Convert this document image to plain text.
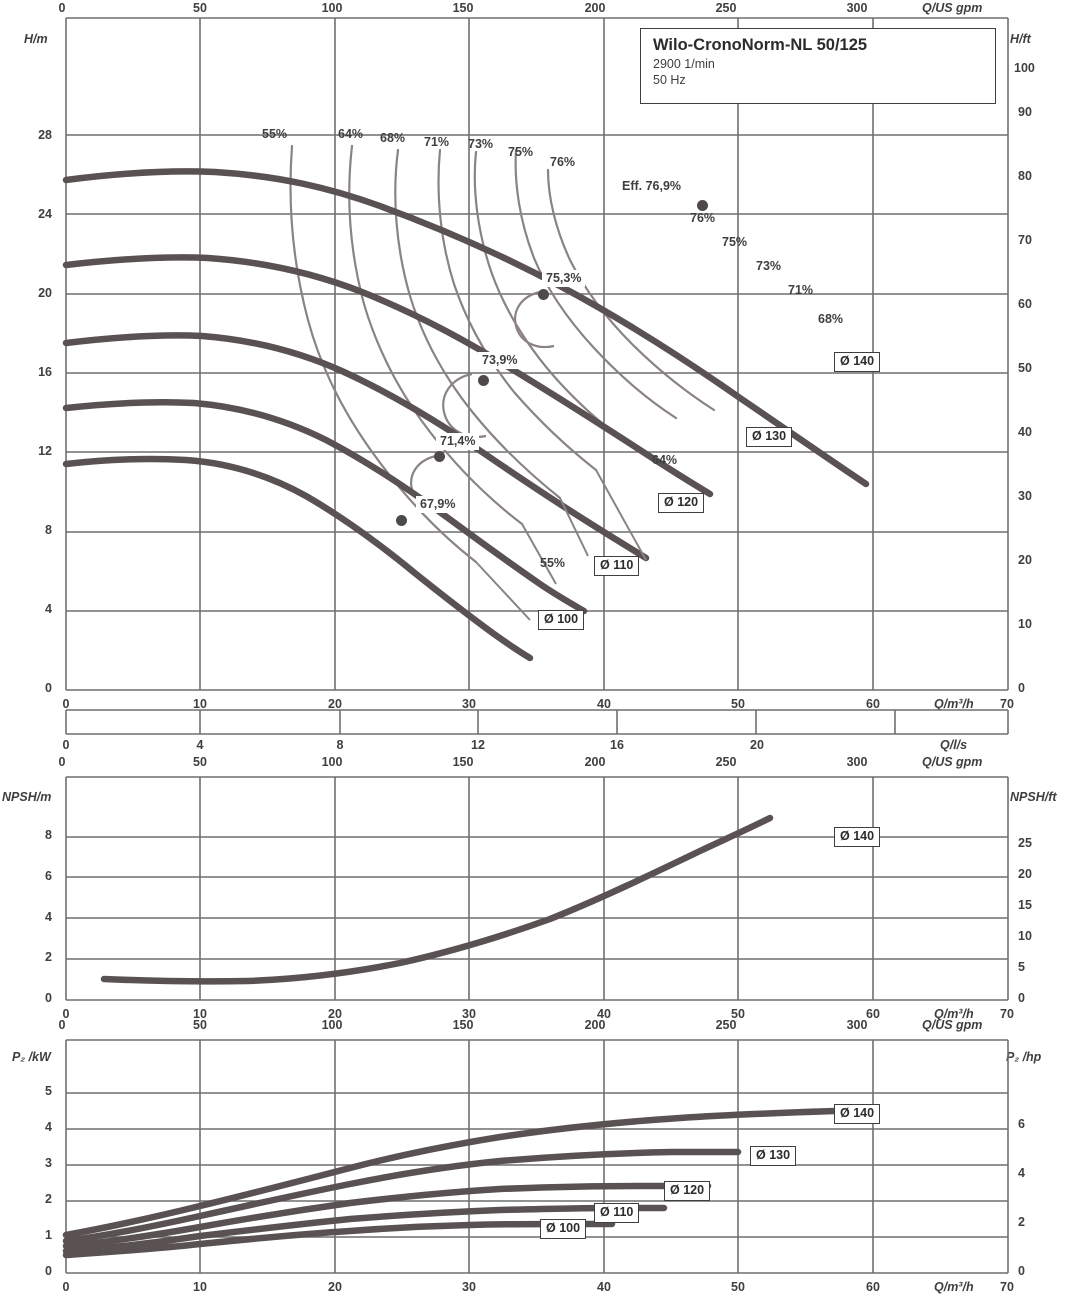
0	50	100	150	200	250	300	Q/US gpm
H/m	H/ft
0
4
8
12
16
20
24
28
0
10
20
30
40
50
60
70
80
90
100
Wilo-CronoNorm-NL 50/125
2900 1/min
50 Hz
55%	64% 68% 71% 73%
75%
76%
76%
75%
73%
71%
68%
64%
55%
Eff. 76,9%
75,3%
73,9%
71,4%
67,9%
Ø 140
Ø 130
Ø 120
Ø 110
Ø 100
0	10	20	30	40	50	60	70
Q/m³/h
0	4	8	12	16	20	Q/l/s
0	50	100	150	200	250	300	Q/US gpm
NPSH/m	NPSH/ft
0
2
4
6
8
0
5
10
15
20
25
Ø 140
0	10	20	30	40	50	60	70
Q/m³/h
0	50	100	150	200	250	300	Q/US gpm
P₂ /kW	P₂ /hp
0
1
2
3
4
5
0
2
4
6
Ø 140
Ø 130
Ø 120
Ø 110
Ø 100
0	10	20	30	40	50	60	70
Q/m³/h
